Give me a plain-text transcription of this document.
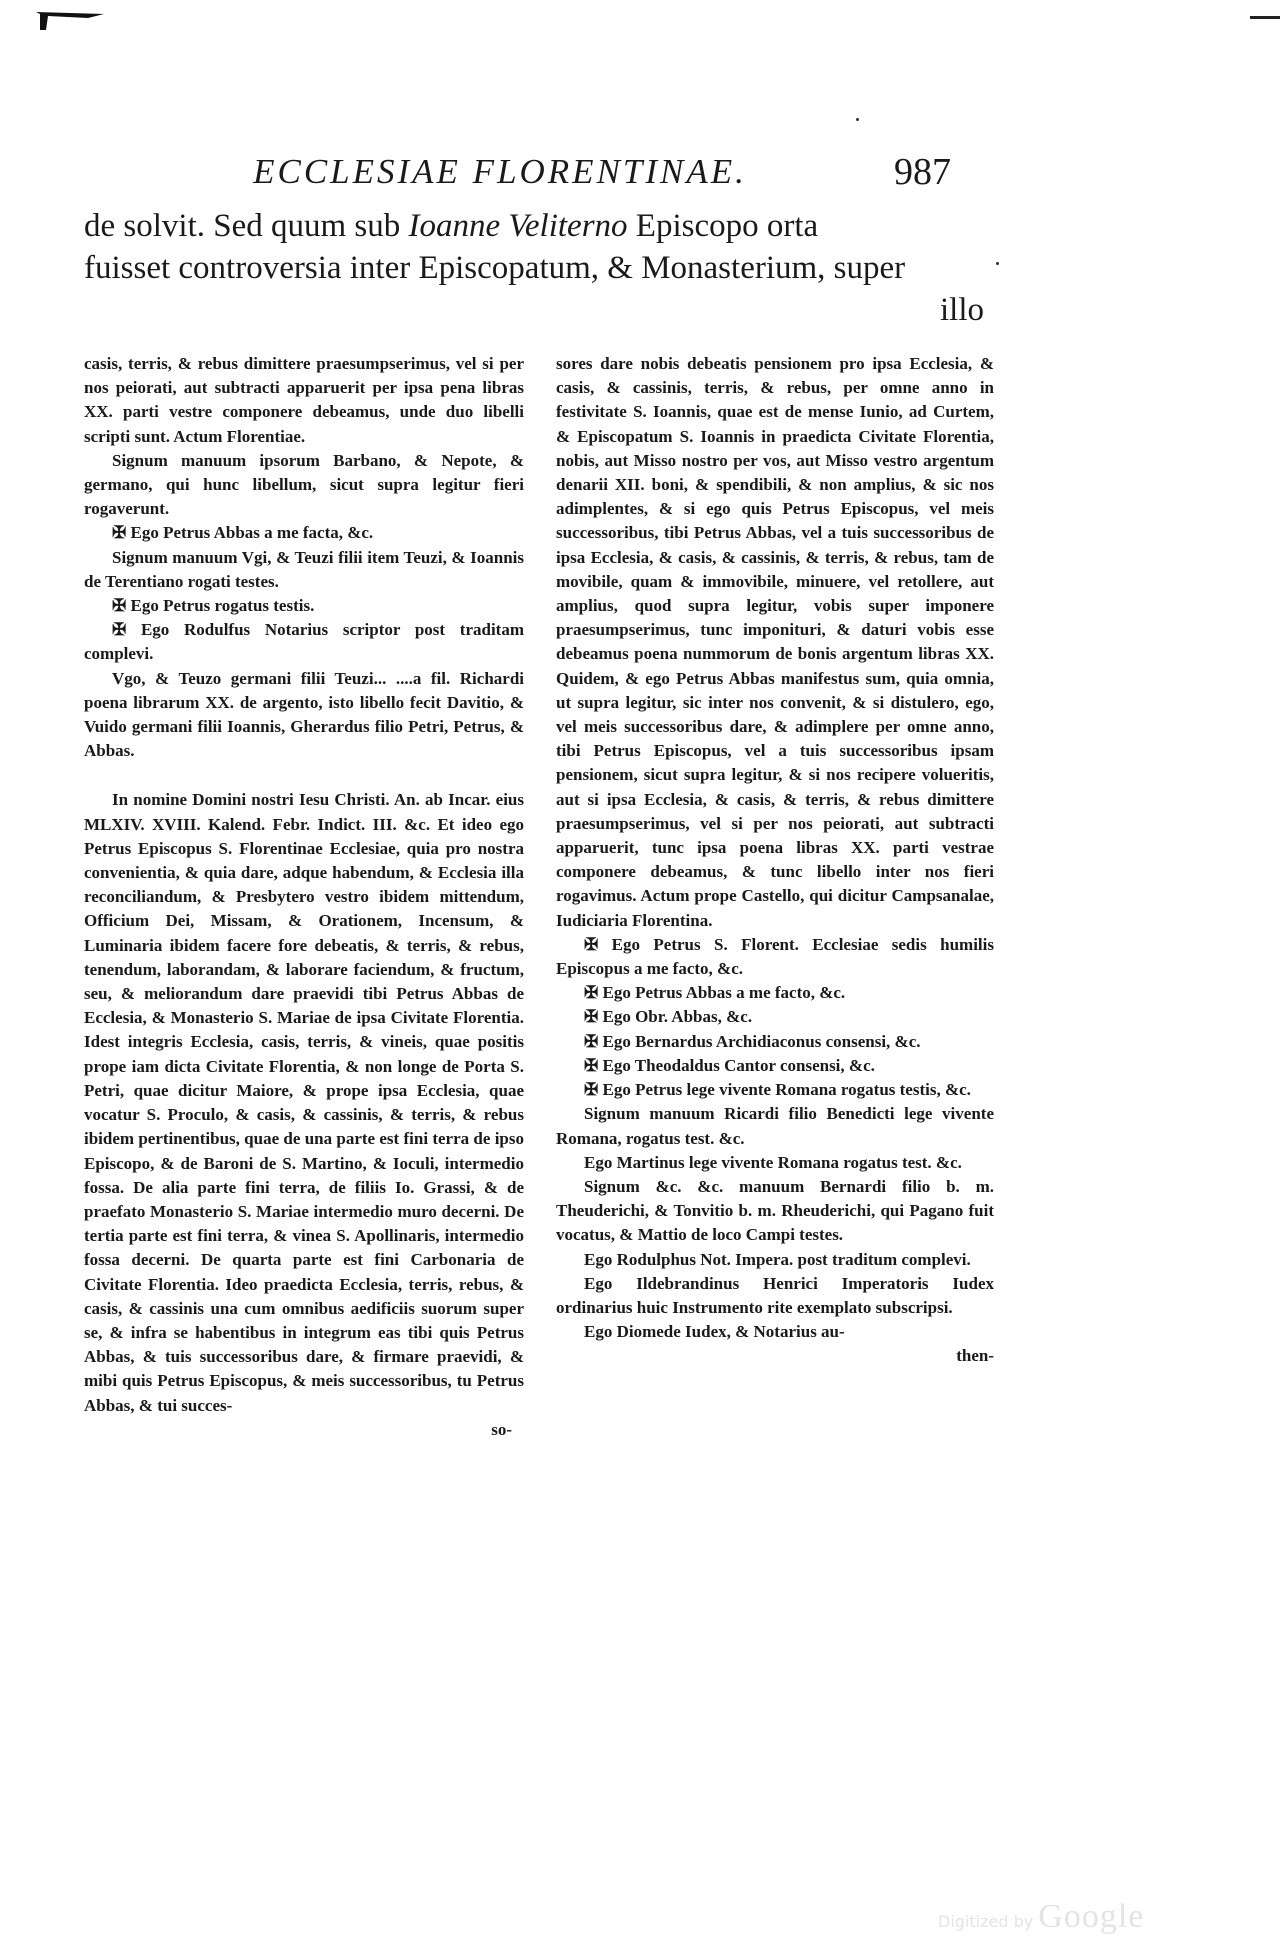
ECCLESIAE FLORENTINAE.	987
de solvit. Sed quum sub Ioanne Veliterno Episcopo orta
fuisset controversia inter Episcopatum, & Monasterium, super
illo

casis, terris, & rebus dimittere praesumpserimus, vel si per nos peiorati, aut subtracti apparuerit per ipsa pena libras XX. parti vestre componere debeamus, unde duo libelli scripti sunt. Actum Florentiae.

Signum manuum ipsorum Barbano, & Nepote, & germano, qui hunc libellum, sicut supra legitur fieri rogaverunt.

✠ Ego Petrus Abbas a me facta, &c.

Signum manuum Vgi, & Teuzi filii item Teuzi, & Ioannis de Terentiano rogati testes.

✠ Ego Petrus rogatus testis.

✠ Ego Rodulfus Notarius scriptor post traditam complevi.

Vgo, & Teuzo germani filii Teuzi... ....a fil. Richardi poena librarum XX. de argento, isto libello fecit Davitio, & Vuido germani filii Ioannis, Gherardus filio Petri, Petrus, & Abbas.

In nomine Domini nostri Iesu Christi. An. ab Incar. eius MLXIV. XVIII. Kalend. Febr. Indict. III. &c. Et ideo ego Petrus Episcopus S. Florentinae Ecclesiae, quia pro nostra convenientia, & quia dare, adque habendum, & Ecclesia illa reconciliandum, & Presbytero vestro ibidem mittendum, Officium Dei, Missam, & Orationem, Incensum, & Luminaria ibidem facere fore debeatis, & terris, & rebus, tenendum, laborandam, & laborare faciendum, & fructum, seu, & meliorandum dare praevidi tibi Petrus Abbas de Ecclesia, & Monasterio S. Mariae de ipsa Civitate Florentia. Idest integris Ecclesia, casis, terris, & vineis, quae positis prope iam dicta Civitate Florentia, & non longe de Porta S. Petri, quae dicitur Maiore, & prope ipsa Ecclesia, quae vocatur S. Proculo, & casis, & cassinis, & terris, & rebus ibidem pertinentibus, quae de una parte est fini terra de ipso Episcopo, & de Baroni de S. Martino, & Ioculi, intermedio fossa. De alia parte fini terra, de filiis Io. Grassi, & de praefato Monasterio S. Mariae intermedio muro decerni. De tertia parte est fini terra, & vinea S. Apollinaris, intermedio fossa decerni. De quarta parte est fini Carbonaria de Civitate Florentia. Ideo praedicta Ecclesia, terris, rebus, & casis, & cassinis una cum omnibus aedificiis suorum super se, & infra se habentibus in integrum eas tibi quis Petrus Abbas, & tuis successoribus dare, & firmare praevidi, & mibi quis Petrus Episcopus, & meis successoribus, tu Petrus Abbas, & tui succes-

so-

sores dare nobis debeatis pensionem pro ipsa Ecclesia, & casis, & cassinis, terris, & rebus, per omne anno in festivitate S. Ioannis, quae est de mense Iunio, ad Curtem, & Episcopatum S. Ioannis in praedicta Civitate Florentia, nobis, aut Misso nostro per vos, aut Misso vestro argentum denarii XII. boni, & spendibili, & non amplius, & sic nos adimplentes, & si ego quis Petrus Episcopus, vel meis successoribus, tibi Petrus Abbas, vel a tuis successoribus de ipsa Ecclesia, & casis, & cassinis, & terris, & rebus, tam de movibile, quam & immovibile, minuere, vel retollere, aut amplius, quod supra legitur, vobis super imponere praesumpserimus, tunc imponituri, & daturi vobis esse debeamus poena nummorum de bonis argentum libras XX. Quidem, & ego Petrus Abbas manifestus sum, quia omnia, ut supra legitur, sic inter nos convenit, & si distulero, ego, vel meis successoribus dare, & adimplere per omne anno, tibi Petrus Episcopus, vel a tuis successoribus ipsam pensionem, sicut supra legitur, & si nos recipere volueritis, aut si ipsa Ecclesia, & casis, & terris, & rebus dimittere praesumpserimus, vel si per nos peiorati, aut subtracti apparuerit, tunc ipsa poena libras XX. parti vestrae componere debeamus, & tunc libello inter nos fieri rogavimus. Actum prope Castello, qui dicitur Campsanalae, Iudiciaria Florentina.

✠ Ego Petrus S. Florent. Ecclesiae sedis humilis Episcopus a me facto, &c.

✠ Ego Petrus Abbas a me facto, &c.

✠ Ego Obr. Abbas, &c.

✠ Ego Bernardus Archidiaconus consensi, &c.

✠ Ego Theodaldus Cantor consensi, &c.

✠ Ego Petrus lege vivente Romana rogatus testis, &c.

Signum manuum Ricardi filio Benedicti lege vivente Romana, rogatus test. &c.

Ego Martinus lege vivente Romana rogatus test. &c.

Signum &c. &c. manuum Bernardi filio b. m. Theuderichi, & Tonvitio b. m. Rheuderichi, qui Pagano fuit vocatus, & Mattio de loco Campi testes.

Ego Rodulphus Not. Impera. post traditum complevi.

Ego Ildebrandinus Henrici Imperatoris Iudex ordinarius huic Instrumento rite exemplato subscripsi.

Ego Diomede Iudex, & Notarius au-

then-
Digitized by Google
